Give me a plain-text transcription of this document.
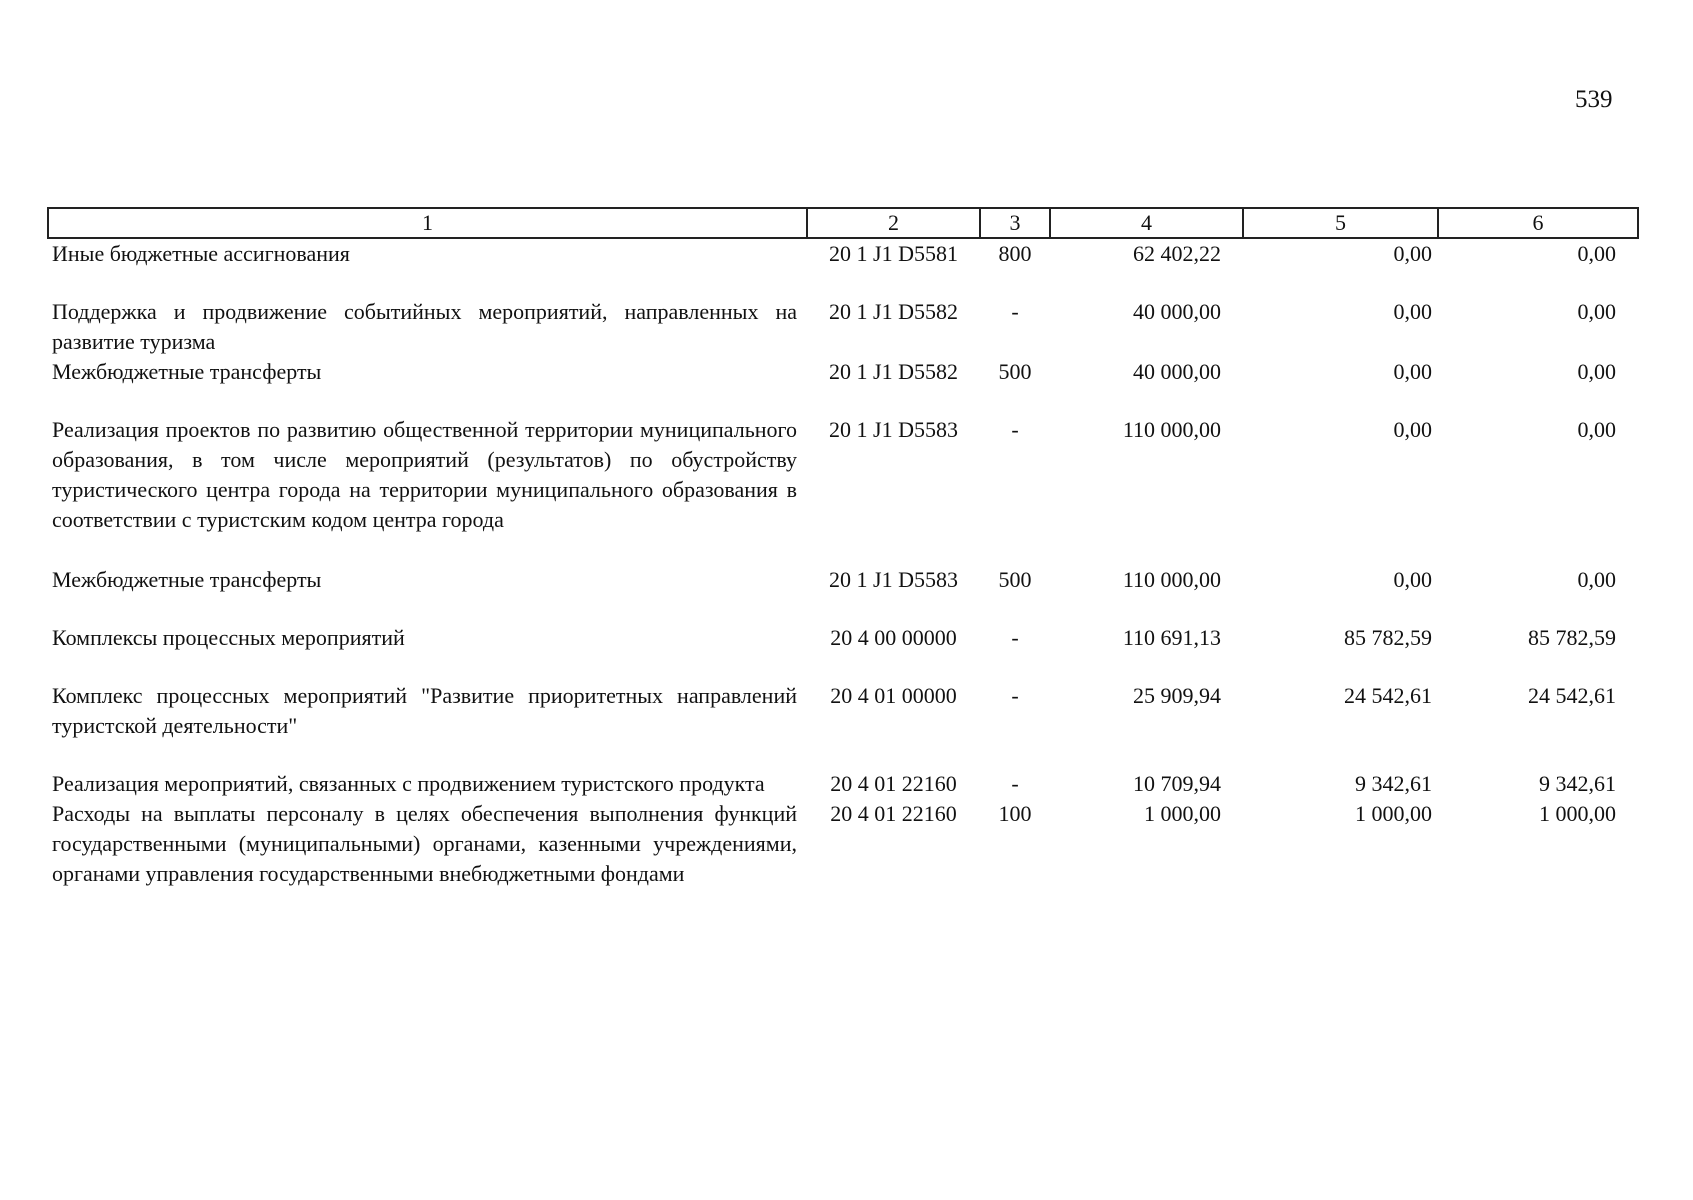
539
1	2	3	4	5	6
Иные бюджетные ассигнования	20 1 J1 D5581	800	62 402,22	0,00	0,00
Поддержка и продвижение событийных мероприятий, направленных на развитие туризма	20 1 J1 D5582	-	40 000,00	0,00	0,00
Межбюджетные трансферты	20 1 J1 D5582	500	40 000,00	0,00	0,00
Реализация проектов по развитию общественной территории муниципального образования, в том числе мероприятий (результатов) по обустройству туристического центра города на территории муниципального образования в соответствии с туристским кодом центра города	20 1 J1 D5583	-	110 000,00	0,00	0,00
Межбюджетные трансферты	20 1 J1 D5583	500	110 000,00	0,00	0,00
Комплексы процессных мероприятий	20 4 00 00000	-	110 691,13	85 782,59	85 782,59
Комплекс процессных мероприятий "Развитие приоритетных направлений туристской деятельности"	20 4 01 00000	-	25 909,94	24 542,61	24 542,61
Реализация мероприятий, связанных с продвижением туристского продукта	20 4 01 22160	-	10 709,94	9 342,61	9 342,61
Расходы на выплаты персоналу в целях обеспечения выполнения функций государственными (муниципальными) органами, казенными учреждениями, органами управления государственными внебюджетными фондами	20 4 01 22160	100	1 000,00	1 000,00	1 000,00
